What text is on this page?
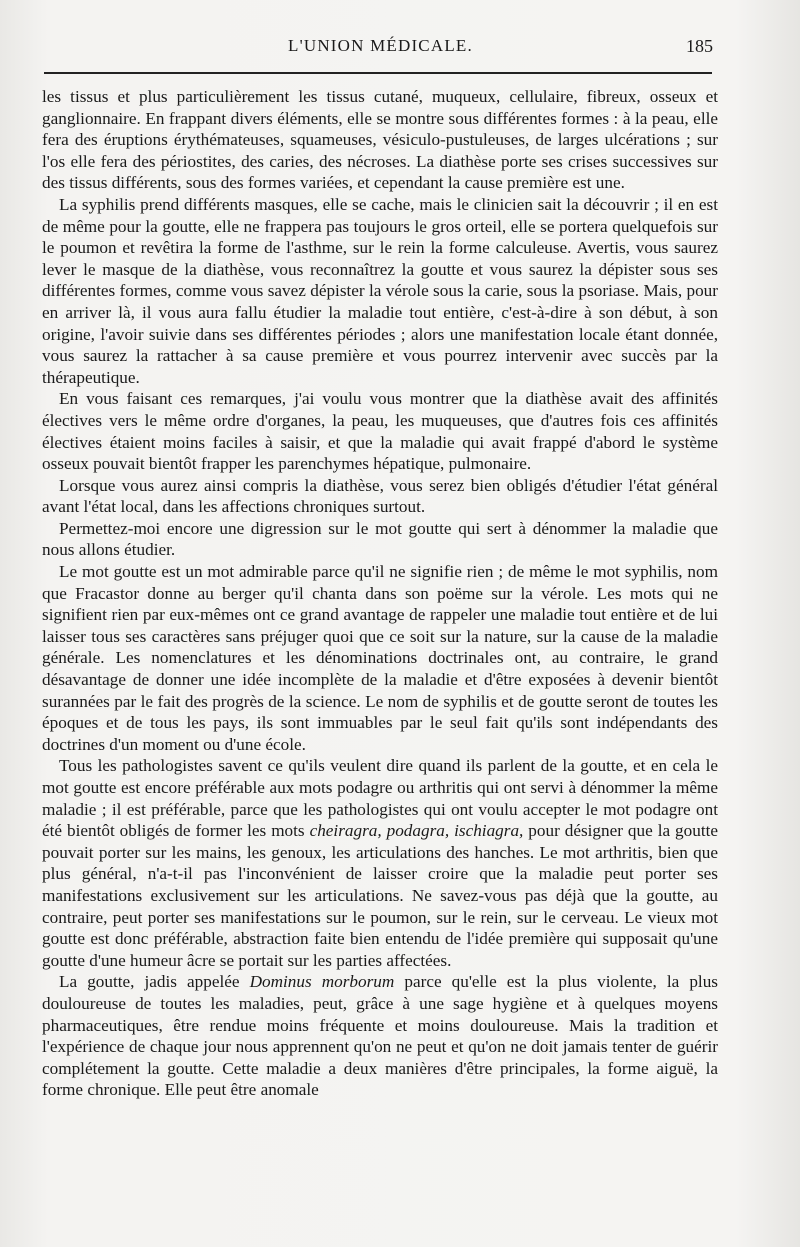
L'UNION MÉDICALE.	185

les tissus et plus particulièrement les tissus cutané, muqueux, cellulaire, fibreux, osseux et ganglionnaire. En frappant divers éléments, elle se montre sous différentes formes : à la peau, elle fera des éruptions érythémateuses, squameuses, vésiculo-pustuleuses, de larges ulcérations ; sur l'os elle fera des périostites, des caries, des nécroses. La diathèse porte ses crises successives sur des tissus différents, sous des formes variées, et cependant la cause première est une.

La syphilis prend différents masques, elle se cache, mais le clinicien sait la découvrir ; il en est de même pour la goutte, elle ne frappera pas toujours le gros orteil, elle se portera quelquefois sur le poumon et revêtira la forme de l'asthme, sur le rein la forme calculeuse. Avertis, vous saurez lever le masque de la diathèse, vous reconnaîtrez la goutte et vous saurez la dépister sous ses différentes formes, comme vous savez dépister la vérole sous la carie, sous la psoriase. Mais, pour en arriver là, il vous aura fallu étudier la maladie tout entière, c'est-à-dire à son début, à son origine, l'avoir suivie dans ses différentes périodes ; alors une manifestation locale étant donnée, vous saurez la rattacher à sa cause première et vous pourrez intervenir avec succès par la thérapeutique.

En vous faisant ces remarques, j'ai voulu vous montrer que la diathèse avait des affinités électives vers le même ordre d'organes, la peau, les muqueuses, que d'autres fois ces affinités électives étaient moins faciles à saisir, et que la maladie qui avait frappé d'abord le système osseux pouvait bientôt frapper les parenchymes hépatique, pulmonaire.

Lorsque vous aurez ainsi compris la diathèse, vous serez bien obligés d'étudier l'état général avant l'état local, dans les affections chroniques surtout.

Permettez-moi encore une digression sur le mot goutte qui sert à dénommer la maladie que nous allons étudier.

Le mot goutte est un mot admirable parce qu'il ne signifie rien ; de même le mot syphilis, nom que Fracastor donne au berger qu'il chanta dans son poëme sur la vérole. Les mots qui ne signifient rien par eux-mêmes ont ce grand avantage de rappeler une maladie tout entière et de lui laisser tous ses caractères sans préjuger quoi que ce soit sur la nature, sur la cause de la maladie générale. Les nomenclatures et les dénominations doctrinales ont, au contraire, le grand désavantage de donner une idée incomplète de la maladie et d'être exposées à devenir bientôt surannées par le fait des progrès de la science. Le nom de syphilis et de goutte seront de toutes les époques et de tous les pays, ils sont immuables par le seul fait qu'ils sont indépendants des doctrines d'un moment ou d'une école.

Tous les pathologistes savent ce qu'ils veulent dire quand ils parlent de la goutte, et en cela le mot goutte est encore préférable aux mots podagre ou arthritis qui ont servi à dénommer la même maladie ; il est préférable, parce que les pathologistes qui ont voulu accepter le mot podagre ont été bientôt obligés de former les mots cheiragra, podagra, ischiagra, pour désigner que la goutte pouvait porter sur les mains, les genoux, les articulations des hanches. Le mot arthritis, bien que plus général, n'a-t-il pas l'inconvénient de laisser croire que la maladie peut porter ses manifestations exclusivement sur les articulations. Ne savez-vous pas déjà que la goutte, au contraire, peut porter ses manifestations sur le poumon, sur le rein, sur le cerveau. Le vieux mot goutte est donc préférable, abstraction faite bien entendu de l'idée première qui supposait qu'une goutte d'une humeur âcre se portait sur les parties affectées.

La goutte, jadis appelée Dominus morborum parce qu'elle est la plus violente, la plus douloureuse de toutes les maladies, peut, grâce à une sage hygiène et à quelques moyens pharmaceutiques, être rendue moins fréquente et moins douloureuse. Mais la tradition et l'expérience de chaque jour nous apprennent qu'on ne peut et qu'on ne doit jamais tenter de guérir complétement la goutte. Cette maladie a deux manières d'être principales, la forme aiguë, la forme chronique. Elle peut être anomale
